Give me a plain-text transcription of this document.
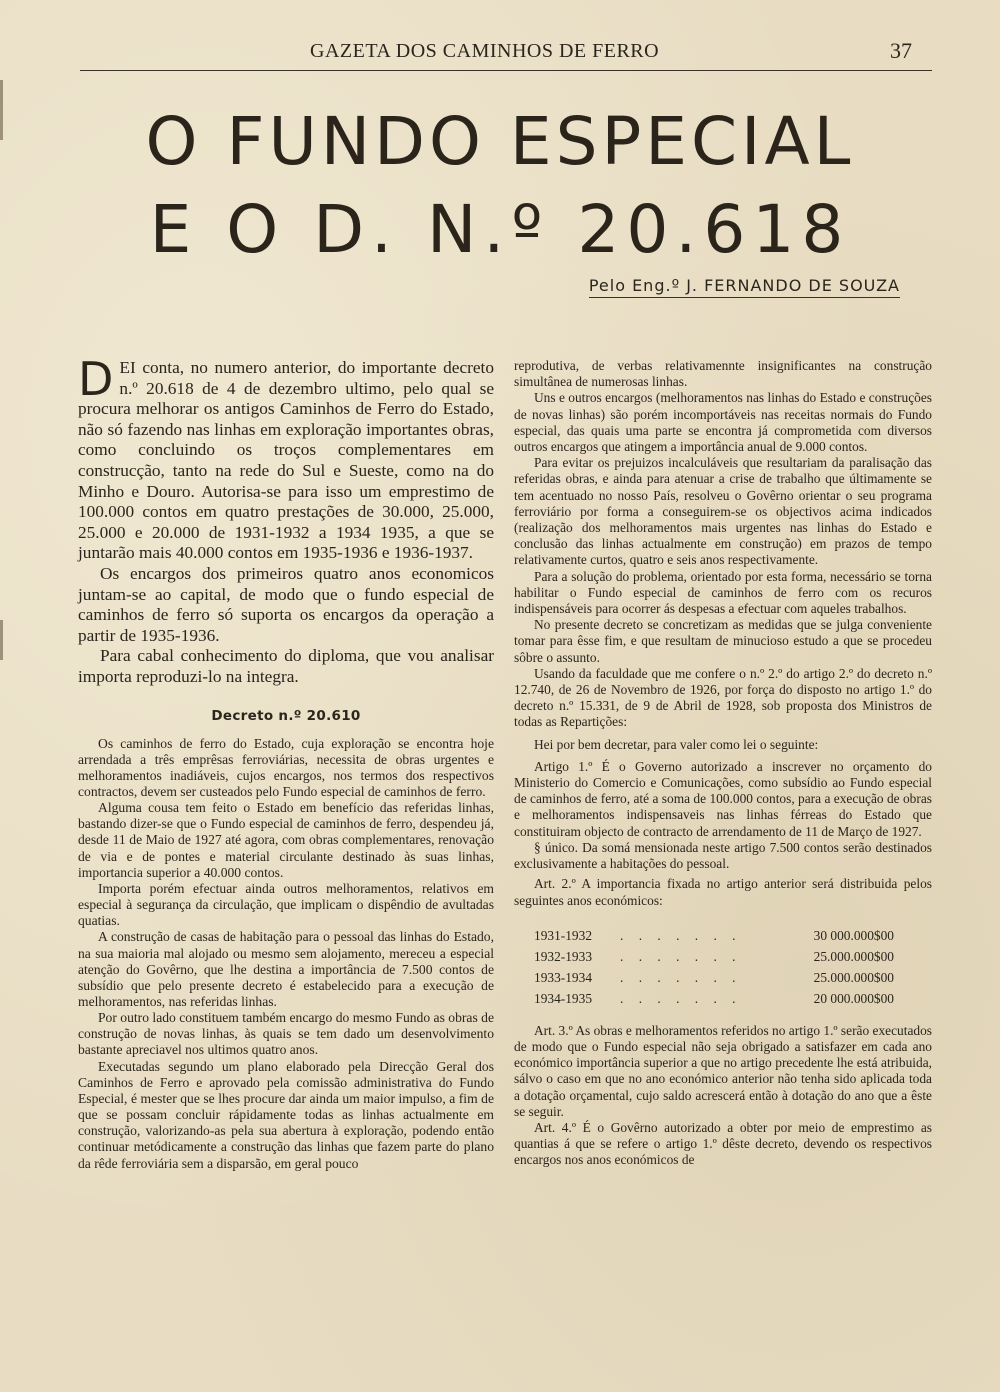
GAZETA DOS CAMINHOS DE FERRO	37
O FUNDO ESPECIAL
E O D. N.º 20.618
Pelo Eng.º J. FERNANDO DE SOUZA

DEI conta, no numero anterior, do importante decreto n.º 20.618 de 4 de dezembro ultimo, pelo qual se procura melhorar os antigos Caminhos de Ferro do Estado, não só fazendo nas linhas em exploração importantes obras, como concluindo os troços complementares em construcção, tanto na rede do Sul e Sueste, como na do Minho e Douro. Autorisa-se para isso um emprestimo de 100.000 contos em quatro prestações de 30.000, 25.000, 25.000 e 20.000 de 1931-1932 a 1934 1935, a que se juntarão mais 40.000 contos em 1935-1936 e 1936-1937.

Os encargos dos primeiros quatro anos economicos juntam-se ao capital, de modo que o fundo especial de caminhos de ferro só suporta os encargos da operação a partir de 1935-1936.

Para cabal conhecimento do diploma, que vou analisar importa reproduzi-lo na integra.

Decreto n.º 20.610

Os caminhos de ferro do Estado, cuja exploração se encontra hoje arrendada a três emprêsas ferroviárias, necessita de obras urgentes e melhoramentos inadiáveis, cujos encargos, nos termos dos respectivos contractos, devem ser custeados pelo Fundo especial de caminhos de ferro.

Alguma cousa tem feito o Estado em benefício das referidas linhas, bastando dizer-se que o Fundo especial de caminhos de ferro, despendeu já, desde 11 de Maio de 1927 até agora, com obras complementares, renovação de via e de pontes e material circulante destinado às suas linhas, importancia superior a 40.000 contos.

Importa porém efectuar ainda outros melhoramentos, relativos em especial à segurança da circulação, que implicam o dispêndio de avultadas quatias.

A construção de casas de habitação para o pessoal das linhas do Estado, na sua maioria mal alojado ou mesmo sem alojamento, mereceu a especial atenção do Govêrno, que lhe destina a importância de 7.500 contos de subsídio que pelo presente decreto é estabelecido para a execução de melhoramentos, nas referidas linhas.

Por outro lado constituem também encargo do mesmo Fundo as obras de construção de novas linhas, às quais se tem dado um desenvolvimento bastante apreciavel nos ultimos quatro anos.

Executadas segundo um plano elaborado pela Direcção Geral dos Caminhos de Ferro e aprovado pela comissão administrativa do Fundo Especial, é mester que se lhes procure dar ainda um maior impulso, a fim de que se possam concluir rápidamente todas as linhas actualmente em construção, valorizando-as pela sua abertura à exploração, podendo então continuar metódicamente a construção das linhas que fazem parte do plano da rêde ferroviária sem a disparsão, em geral pouco

reprodutiva, de verbas relativamennte insignificantes na construção simultânea de numerosas linhas.

Uns e outros encargos (melhoramentos nas linhas do Estado e construções de novas linhas) são porém incomportáveis nas receitas normais do Fundo especial, das quais uma parte se encontra já comprometida com diversos outros encargos que atingem a importância anual de 9.000 contos.

Para evitar os prejuizos incalculáveis que resultariam da paralisação das referidas obras, e ainda para atenuar a crise de trabalho que últimamente se tem acentuado no nosso País, resolveu o Govêrno orientar o seu programa ferroviário por forma a conseguirem-se os objectivos acima indicados (realização dos melhoramentos mais urgentes nas linhas do Estado e conclusão das linhas actualmente em construção) em prazos de tempo relativamente curtos, quatro e seis anos respectivamente.

Para a solução do problema, orientado por esta forma, necessário se torna habilitar o Fundo especial de caminhos de ferro com os recuros indispensáveis para ocorrer ás despesas a efectuar com aqueles trabalhos.

No presente decreto se concretizam as medidas que se julga conveniente tomar para êsse fim, e que resultam de minucioso estudo a que se procedeu sôbre o assunto.

Usando da faculdade que me confere o n.º 2.º do artigo 2.º do decreto n.º 12.740, de 26 de Novembro de 1926, por força do disposto no artigo 1.º do decreto n.º 15.331, de 9 de Abril de 1928, sob proposta dos Ministros de todas as Repartições:

Hei por bem decretar, para valer como lei o seguinte:

Artigo 1.º É o Governo autorizado a inscrever no orçamento do Ministerio do Comercio e Comunicações, como subsídio ao Fundo especial de caminhos de ferro, até a soma de 100.000 contos, para a execução de obras e melhoramentos indispensaveis nas linhas férreas do Estado que constituiram objecto de contracto de arrendamento de 11 de Março de 1927.

§ único. Da somá mensionada neste artigo 7.500 contos serão destinados exclusivamente a habitações do pessoal.

Art. 2.º A importancia fixada no artigo anterior será distribuida pelos seguintes anos económicos:

1931-1932	. . . . . . .	30 000.000$00
1932-1933	. . . . . . .	25.000.000$00
1933-1934	. . . . . . .	25.000.000$00
1934-1935	. . . . . . .	20 000.000$00

Art. 3.º As obras e melhoramentos referidos no artigo 1.º serão executados de modo que o Fundo especial não seja obrigado a satisfazer em cada ano económico importância superior a que no artigo precedente lhe está atribuida, sálvo o caso em que no ano económico anterior não tenha sido aplicada toda a dotação orçamental, cujo saldo acrescerá então à dotação do ano que a êste se seguir.

Art. 4.º É o Govêrno autorizado a obter por meio de emprestimo as quantias á que se refere o artigo 1.º dêste decreto, devendo os respectivos encargos nos anos económicos de
